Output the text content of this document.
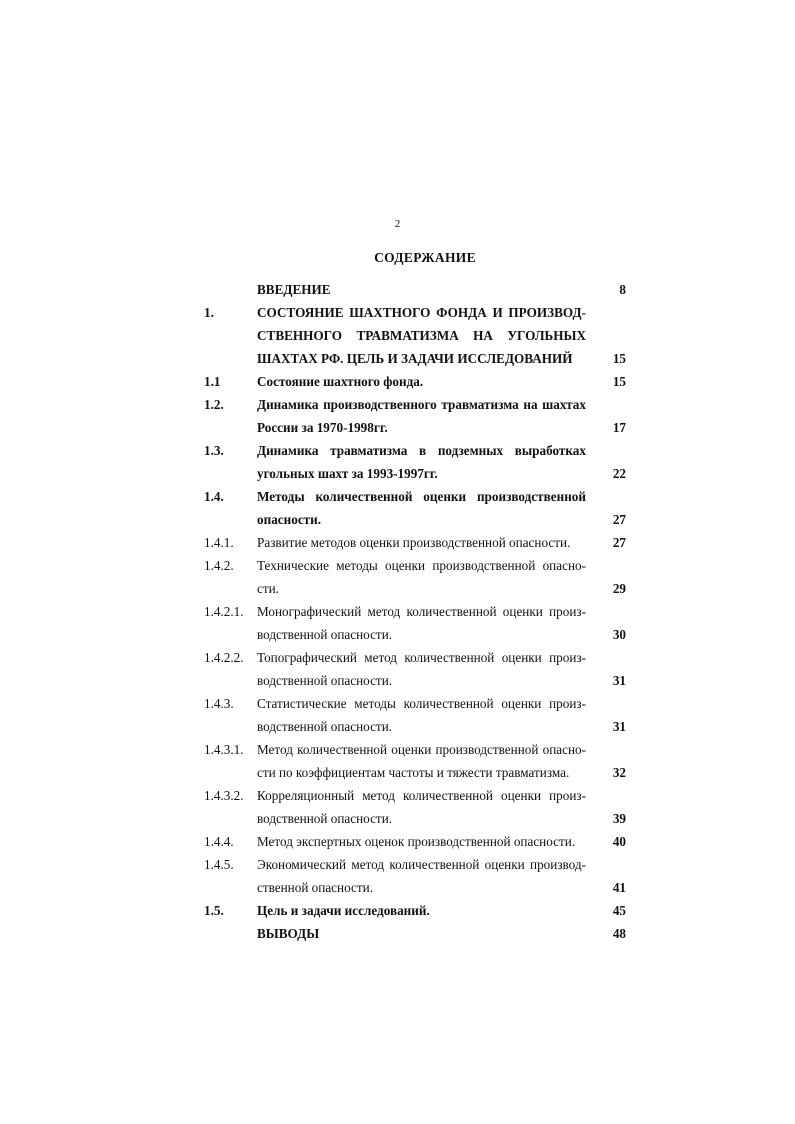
2
СОДЕРЖАНИЕ
ВВЕДЕНИЕ	8
1.	СОСТОЯНИЕ ШАХТНОГО ФОНДА И ПРОИЗВОД-
СТВЕННОГО ТРАВМАТИЗМА НА УГОЛЬНЫХ
ШАХТАХ РФ. ЦЕЛЬ И ЗАДАЧИ ИССЛЕДОВАНИЙ	15
1.1	Состояние шахтного фонда.	15
1.2.	Динамика производственного травматизма на шахтах
России за 1970-1998гг.	17
1.3.	Динамика травматизма в подземных выработках
угольных шахт за 1993-1997гг.	22
1.4.	Методы количественной оценки производственной
опасности.	27
1.4.1. Развитие методов оценки производственной опасности.	27
1.4.2. Технические методы оценки производственной опасно-
сти.	29
1.4.2.1. Монографический метод количественной оценки произ-
водственной опасности.	30
1.4.2.2. Топографический метод количественной оценки произ-
водственной опасности.	31
1.4.3. Статистические методы количественной оценки произ-
водственной опасности.	31
1.4.3.1. Метод количественной оценки производственной опасно-
сти по коэффициентам частоты и тяжести травматизма.	32
1.4.3.2. Корреляционный метод количественной оценки произ-
водственной опасности.	39
1.4.4. Метод экспертных оценок производственной опасности.	40
1.4.5. Экономический метод количественной оценки производ-
ственной опасности.	41
1.5.	Цель и задачи исследований.	45
ВЫВОДЫ	48
